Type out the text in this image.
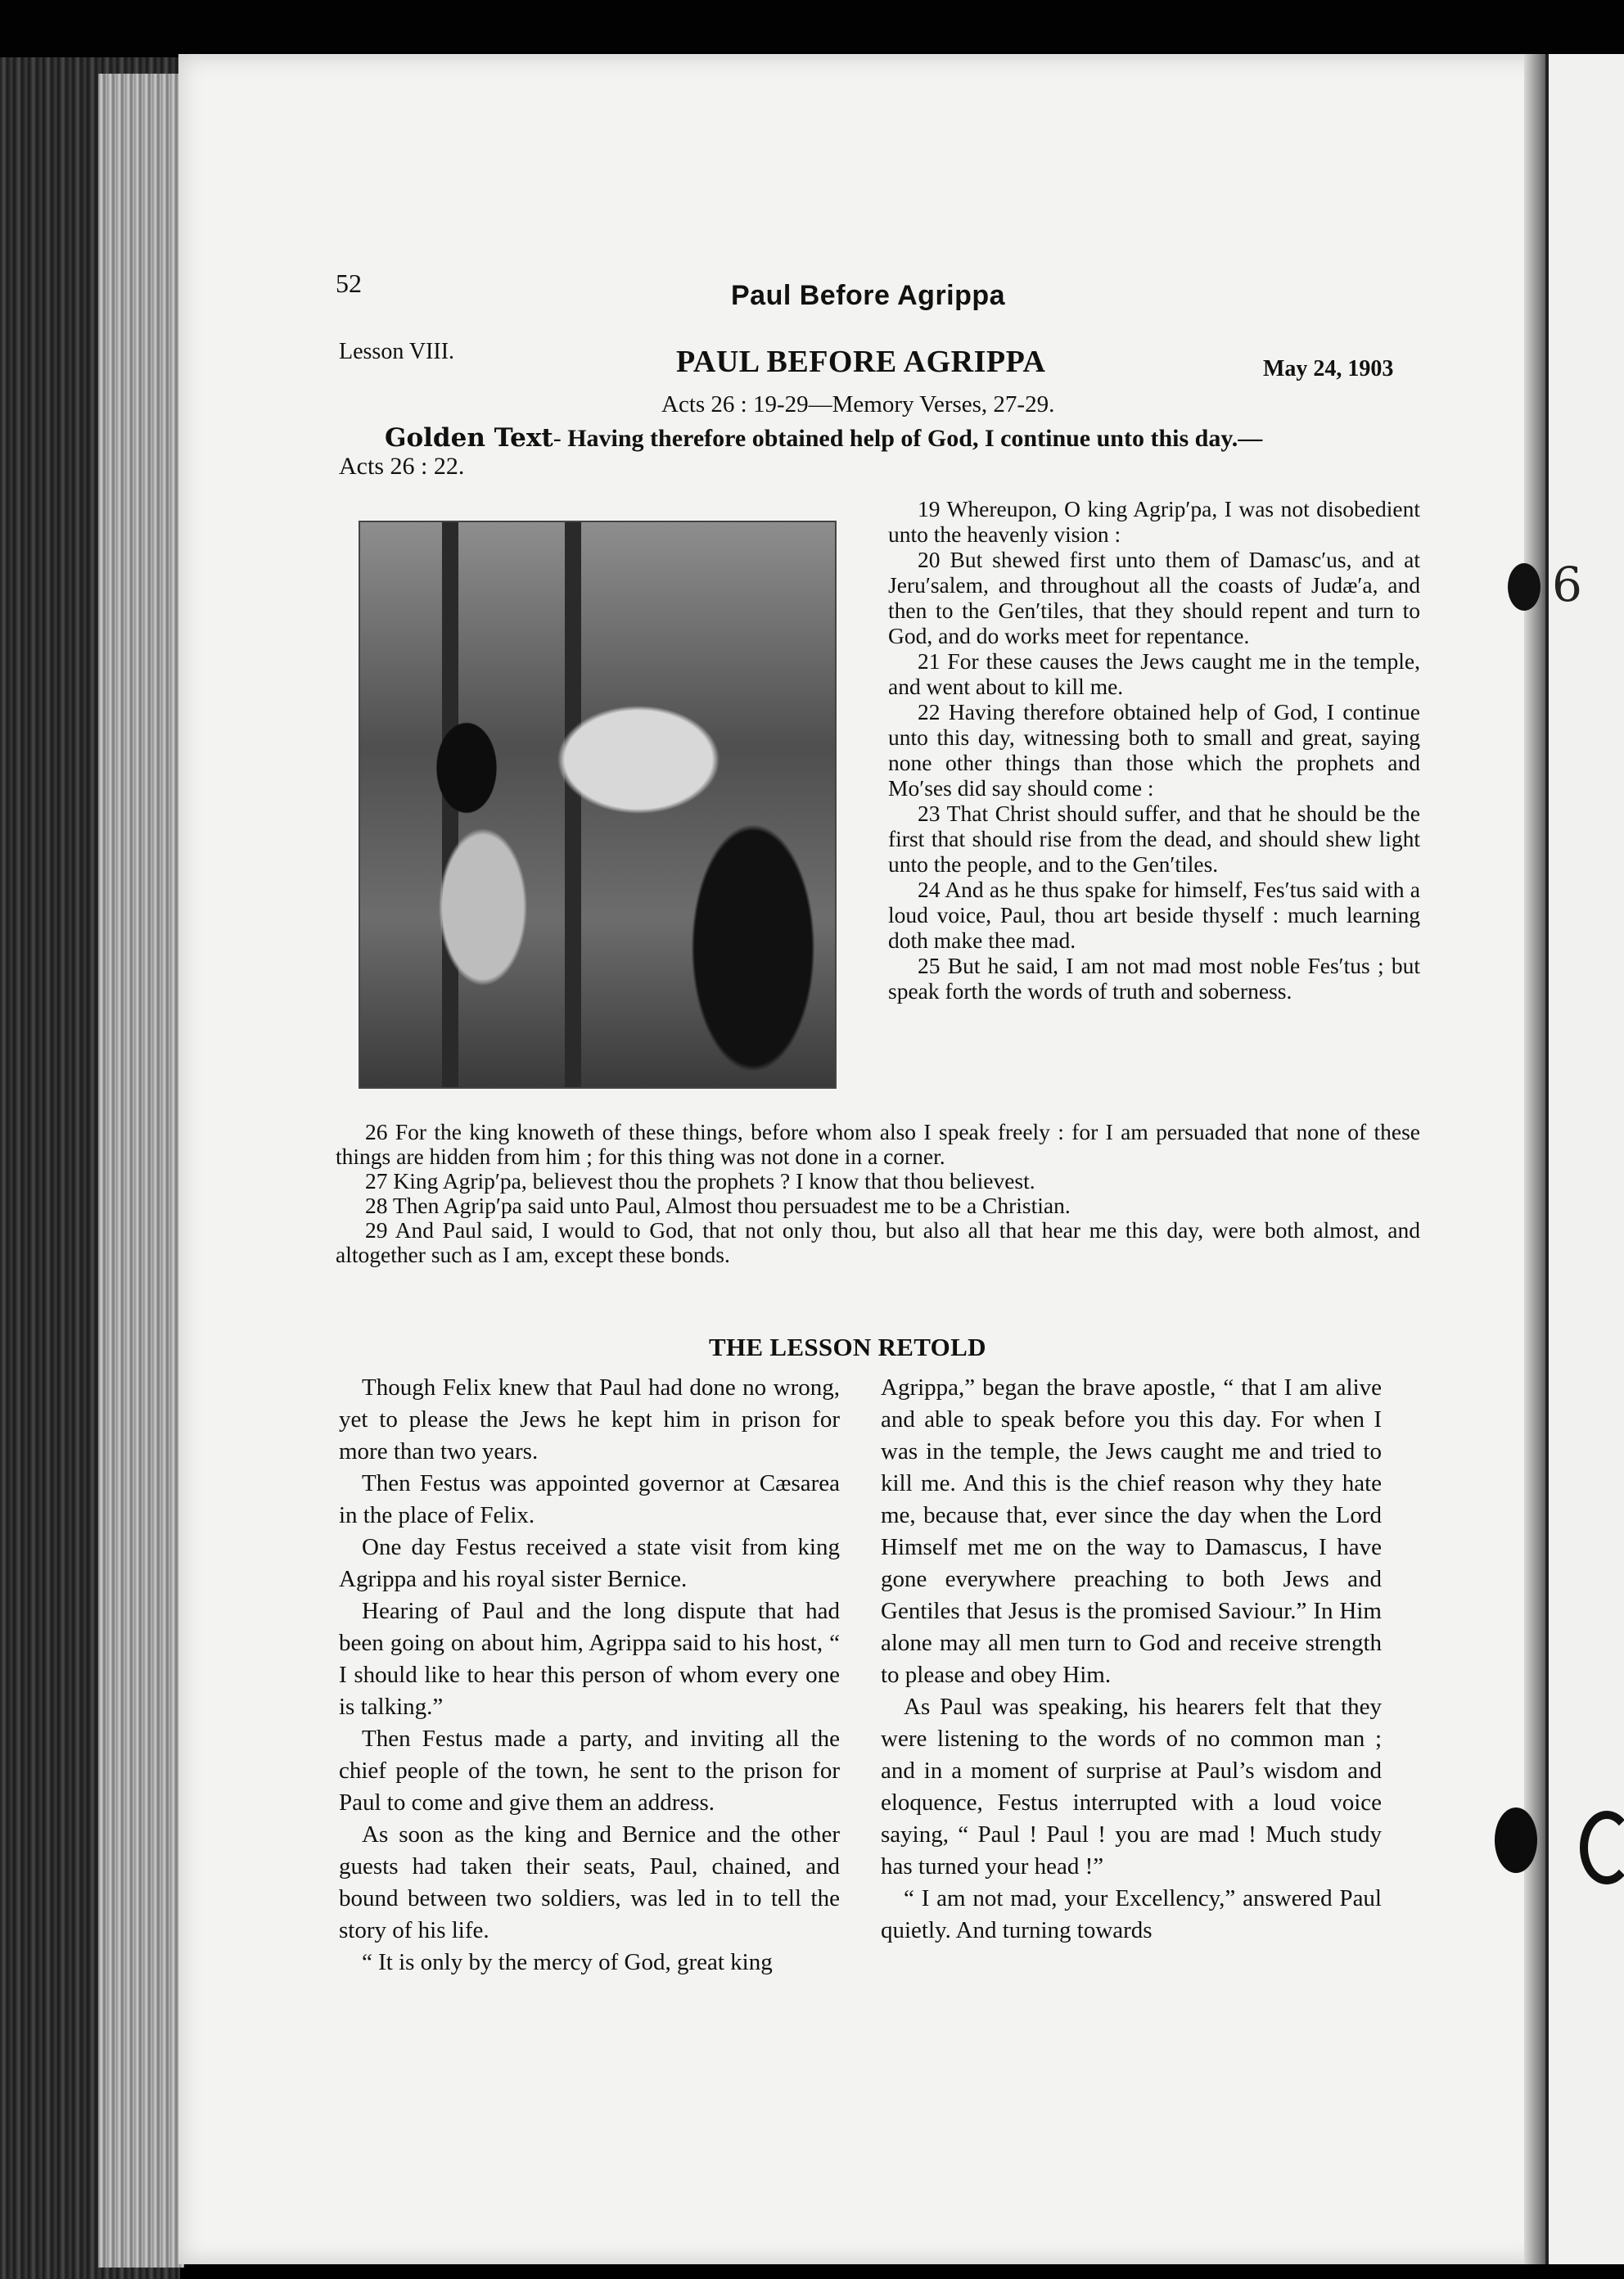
6

52	Paul Before Agrippa

Lesson VIII.	PAUL BEFORE AGRIPPA	May 24, 1903

Acts 26 : 19-29—Memory Verses, 27-29.

Golden Text- Having therefore obtained help of God, I continue unto this day.—
Acts 26 : 22.

19 Whereupon, O king Agrip′pa, I was not disobedient unto the heavenly vision :

20 But shewed first unto them of Damasc′us, and at Jeru′salem, and throughout all the coasts of Judæ′a, and then to the Gen′tiles, that they should repent and turn to God, and do works meet for repentance.

21 For these causes the Jews caught me in the temple, and went about to kill me.

22 Having therefore obtained help of God, I continue unto this day, witnessing both to small and great, saying none other things than those which the prophets and Mo′ses did say should come :

23 That Christ should suffer, and that he should be the first that should rise from the dead, and should shew light unto the people, and to the Gen′tiles.

24 And as he thus spake for himself, Fes′tus said with a loud voice, Paul, thou art beside thyself : much learning doth make thee mad.

25 But he said, I am not mad most noble Fes′tus ; but speak forth the words of truth and soberness.

26 For the king knoweth of these things, before whom also I speak freely : for I am persuaded that none of these things are hidden from him ; for this thing was not done in a corner.

27 King Agrip′pa, believest thou the prophets ? I know that thou believest.

28 Then Agrip′pa said unto Paul, Almost thou persuadest me to be a Christian.

29 And Paul said, I would to God, that not only thou, but also all that hear me this day, were both almost, and altogether such as I am, except these bonds.

THE LESSON RETOLD

Though Felix knew that Paul had done no wrong, yet to please the Jews he kept him in prison for more than two years.

Then Festus was appointed governor at Cæsarea in the place of Felix.

One day Festus received a state visit from king Agrippa and his royal sister Bernice.

Hearing of Paul and the long dispute that had been going on about him, Agrippa said to his host, “ I should like to hear this person of whom every one is talking.”

Then Festus made a party, and inviting all the chief people of the town, he sent to the prison for Paul to come and give them an address.

As soon as the king and Bernice and the other guests had taken their seats, Paul, chained, and bound between two soldiers, was led in to tell the story of his life.

“ It is only by the mercy of God, great king

Agrippa,” began the brave apostle, “ that I am alive and able to speak before you this day. For when I was in the temple, the Jews caught me and tried to kill me. And this is the chief reason why they hate me, because that, ever since the day when the Lord Himself met me on the way to Damascus, I have gone everywhere preaching to both Jews and Gentiles that Jesus is the promised Saviour.” In Him alone may all men turn to God and receive strength to please and obey Him.

As Paul was speaking, his hearers felt that they were listening to the words of no common man ; and in a moment of surprise at Paul’s wisdom and eloquence, Festus interrupted with a loud voice saying, “ Paul ! Paul ! you are mad ! Much study has turned your head !”

“ I am not mad, your Excellency,” answered Paul quietly. And turning towards
